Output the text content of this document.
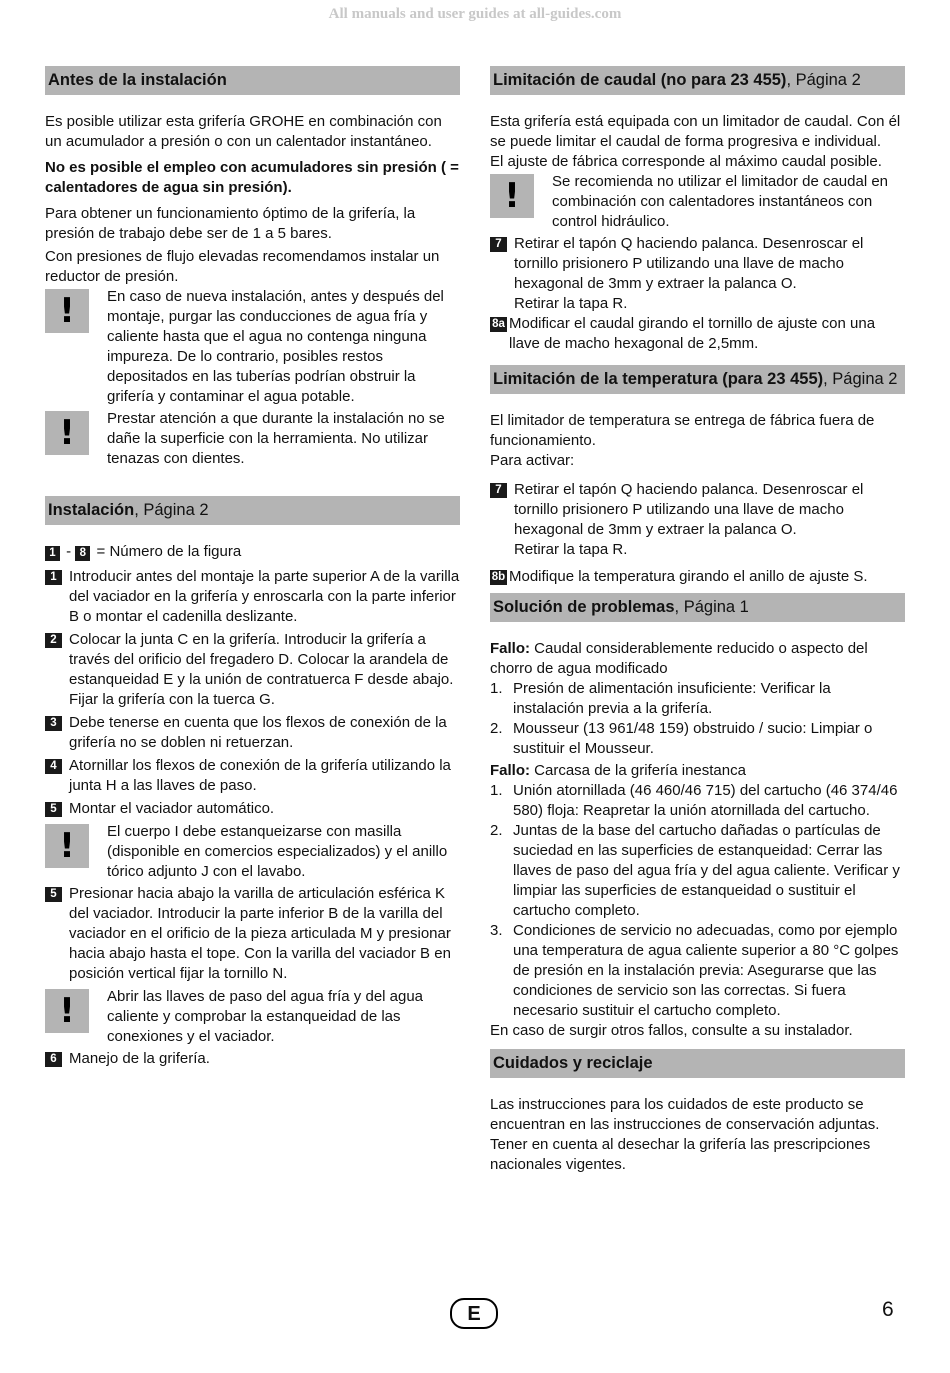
All manuals and user guides at all-guides.com
Antes de la instalación

Es posible utilizar esta grifería GROHE en combinación con un acumulador a presión o con un calentador instantáneo.

No es posible el empleo con acumuladores sin presión ( = calentadores de agua sin presión).

Para obtener un funcionamiento óptimo de la grifería, la presión de trabajo debe ser de 1 a 5 bares.

Con presiones de flujo elevadas recomendamos instalar un reductor de presión.

!	En caso de nueva instalación, antes y después del montaje, purgar las conducciones de agua fría y caliente hasta que el agua no contenga ninguna impureza. De lo contrario, posibles restos depositados en las tuberías podrían obstruir la grifería y contaminar el agua potable.
!	Prestar atención a que durante la instalación no se dañe la superficie con la herramienta. No utilizar tenazas con dientes.
Instalación, Página 2
1 - 8 = Número de la figura
1 Introducir antes del montaje la parte superior A de la varilla del vaciador en la grifería y enroscarla con la parte inferior B o montar el cadenilla deslizante.
2 Colocar la junta C en la grifería. Introducir la grifería a través del orificio del fregadero D. Colocar la arandela de estanqueidad E y la unión de contratuerca F desde abajo. Fijar la grifería con la tuerca G.
3 Debe tenerse en cuenta que los flexos de conexión de la grifería no se doblen ni retuerzan.
4 Atornillar los flexos de conexión de la grifería utilizando la junta H a las llaves de paso.
5 Montar el vaciador automático.
!	El cuerpo I debe estanqueizarse con masilla (disponible en comercios especializados) y el anillo tórico adjunto J con el lavabo.
5 Presionar hacia abajo la varilla de articulación esférica K del vaciador. Introducir la parte inferior B de la varilla del vaciador en el orificio de la pieza articulada M y presionar hacia abajo hasta el tope. Con la varilla del vaciador B en posición vertical fijar la tornillo N.
!	Abrir las llaves de paso del agua fría y del agua caliente y comprobar la estanqueidad de las conexiones y el vaciador.
6 Manejo de la grifería.
Limitación de caudal (no para 23 455), Página 2

Esta grifería está equipada con un limitador de caudal. Con él se puede limitar el caudal de forma progresiva e individual.

El ajuste de fábrica corresponde al máximo caudal posible.

!	Se recomienda no utilizar el limitador de caudal en combinación con calentadores instantáneos con control hidráulico.
7 Retirar el tapón Q haciendo palanca. Desenroscar el tornillo prisionero P utilizando una llave de macho hexagonal de 3mm y extraer la palanca O.
Retirar la tapa R.
8a Modificar el caudal girando el tornillo de ajuste con una llave de macho hexagonal de 2,5mm.
Limitación de la temperatura (para 23 455), Página 2

El limitador de temperatura se entrega de fábrica fuera de funcionamiento.

Para activar:

7 Retirar el tapón Q haciendo palanca. Desenroscar el tornillo prisionero P utilizando una llave de macho hexagonal de 3mm y extraer la palanca O.
Retirar la tapa R.
8b Modifique la temperatura girando el anillo de ajuste S.
Solución de problemas, Página 1

Fallo: Caudal considerablemente reducido o aspecto del chorro de agua modificado

1. Presión de alimentación insuficiente: Verificar la instalación previa a la grifería.
2. Mousseur (13 961/48 159) obstruido / sucio: Limpiar o sustituir el Mousseur.

Fallo: Carcasa de la grifería inestanca

1. Unión atornillada (46 460/46 715) del cartucho (46 374/46 580) floja: Reapretar la unión atornillada del cartucho.
2. Juntas de la base del cartucho dañadas o partículas de suciedad en las superficies de estanqueidad: Cerrar las llaves de paso del agua fría y del agua caliente. Verificar y limpiar las superficies de estanqueidad o sustituir el cartucho completo.
3. Condiciones de servicio no adecuadas, como por ejemplo una temperatura de agua caliente superior a 80 °C golpes de presión en la instalación previa: Asegurarse que las condiciones de servicio son las correctas. Si fuera necesario sustituir el cartucho completo.

En caso de surgir otros fallos, consulte a su instalador.

Cuidados y reciclaje

Las instrucciones para los cuidados de este producto se encuentran en las instrucciones de conservación adjuntas. Tener en cuenta al desechar la grifería las prescripciones nacionales vigentes.

E	6
